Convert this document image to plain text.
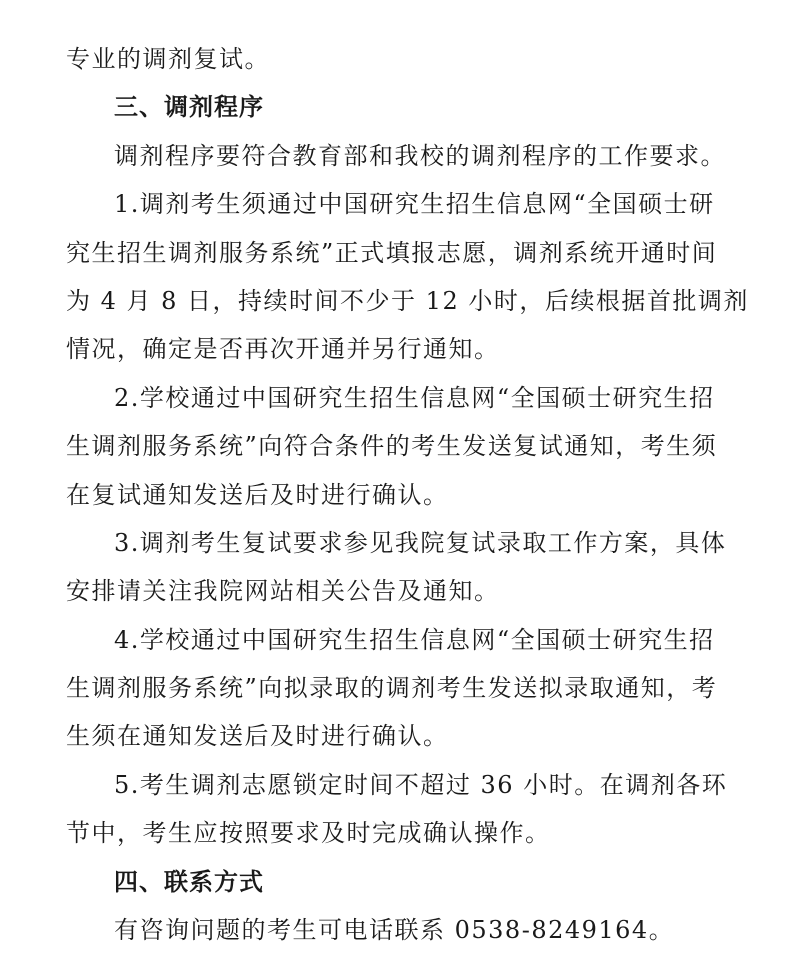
专业的调剂复试。
三、调剂程序
调剂程序要符合教育部和我校的调剂程序的工作要求。
1.调剂考生须通过中国研究生招生信息网“全国硕士研
究生招生调剂服务系统”正式填报志愿，调剂系统开通时间
为 4 月 8 日，持续时间不少于 12 小时，后续根据首批调剂
情况，确定是否再次开通并另行通知。
2.学校通过中国研究生招生信息网“全国硕士研究生招
生调剂服务系统”向符合条件的考生发送复试通知，考生须
在复试通知发送后及时进行确认。
3.调剂考生复试要求参见我院复试录取工作方案，具体
安排请关注我院网站相关公告及通知。
4.学校通过中国研究生招生信息网“全国硕士研究生招
生调剂服务系统”向拟录取的调剂考生发送拟录取通知，考
生须在通知发送后及时进行确认。
5.考生调剂志愿锁定时间不超过 36 小时。在调剂各环
节中，考生应按照要求及时完成确认操作。
四、联系方式
有咨询问题的考生可电话联系 0538-8249164。
